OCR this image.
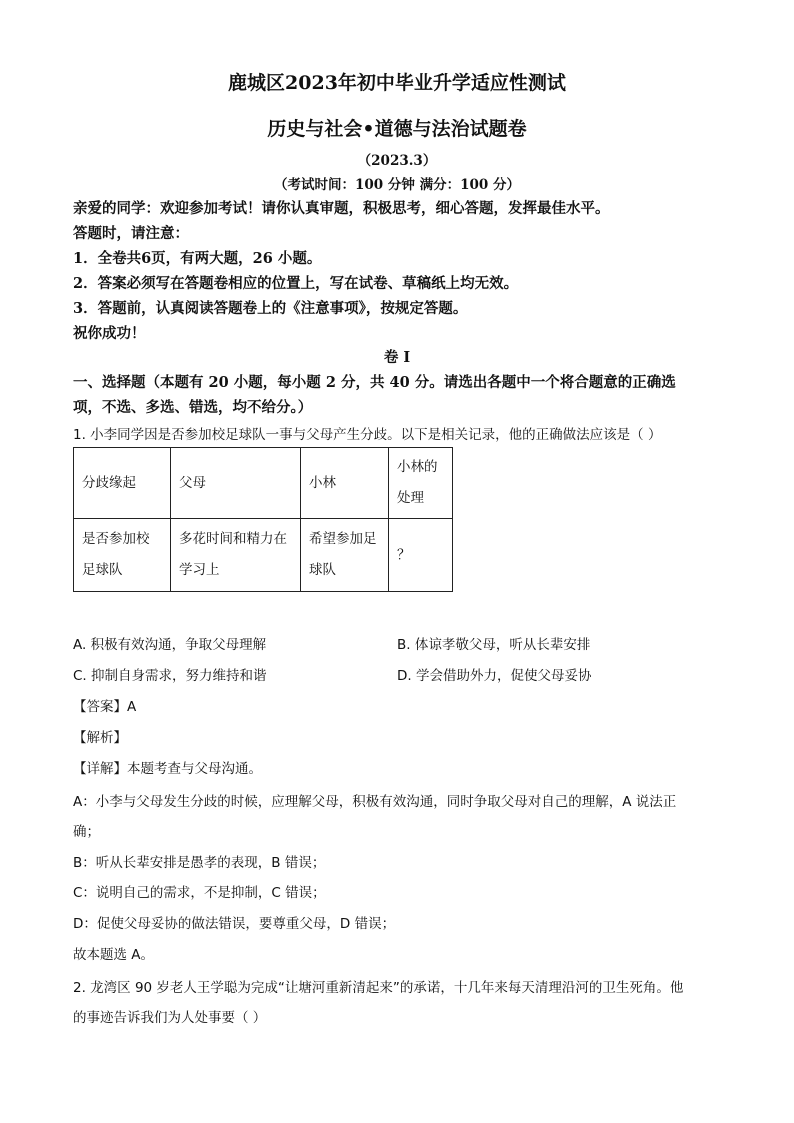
鹿城区2023年初中毕业升学适应性测试
历史与社会•道德与法治试题卷
（2023.3）
（考试时间：100 分钟 满分：100 分）
亲爱的同学：欢迎参加考试！请你认真审题，积极思考，细心答题，发挥最佳水平。
答题时，请注意：
1．全卷共6页，有两大题，26 小题。
2．答案必须写在答题卷相应的位置上，写在试卷、草稿纸上均无效。
3．答题前，认真阅读答题卷上的《注意事项》，按规定答题。
祝你成功！
卷 I
一、选择题（本题有 20 小题，每小题 2 分，共 40 分。请选出各题中一个将合题意的正确选
项，不选、多选、错选，均不给分。）
1. 小李同学因是否参加校足球队一事与父母产生分歧。以下是相关记录，他的正确做法应该是（ ）
分歧缘起	父母	小林	小林的处理
是否参加校足球队	多花时间和精力在学习上	希望参加足球队	？
A. 积极有效沟通，争取父母理解	B. 体谅孝敬父母，听从长辈安排
C. 抑制自身需求，努力维持和谐	D. 学会借助外力，促使父母妥协
【答案】A
【解析】
【详解】本题考查与父母沟通。
A：小李与父母发生分歧的时候，应理解父母，积极有效沟通，同时争取父母对自己的理解，A 说法正
确；
B：听从长辈安排是愚孝的表现，B 错误；
C：说明自己的需求，不是抑制，C 错误；
D：促使父母妥协的做法错误，要尊重父母，D 错误；
故本题选 A。
2. 龙湾区 90 岁老人王学聪为完成“让塘河重新清起来”的承诺，十几年来每天清理沿河的卫生死角。他
的事迹告诉我们为人处事要（ ）
